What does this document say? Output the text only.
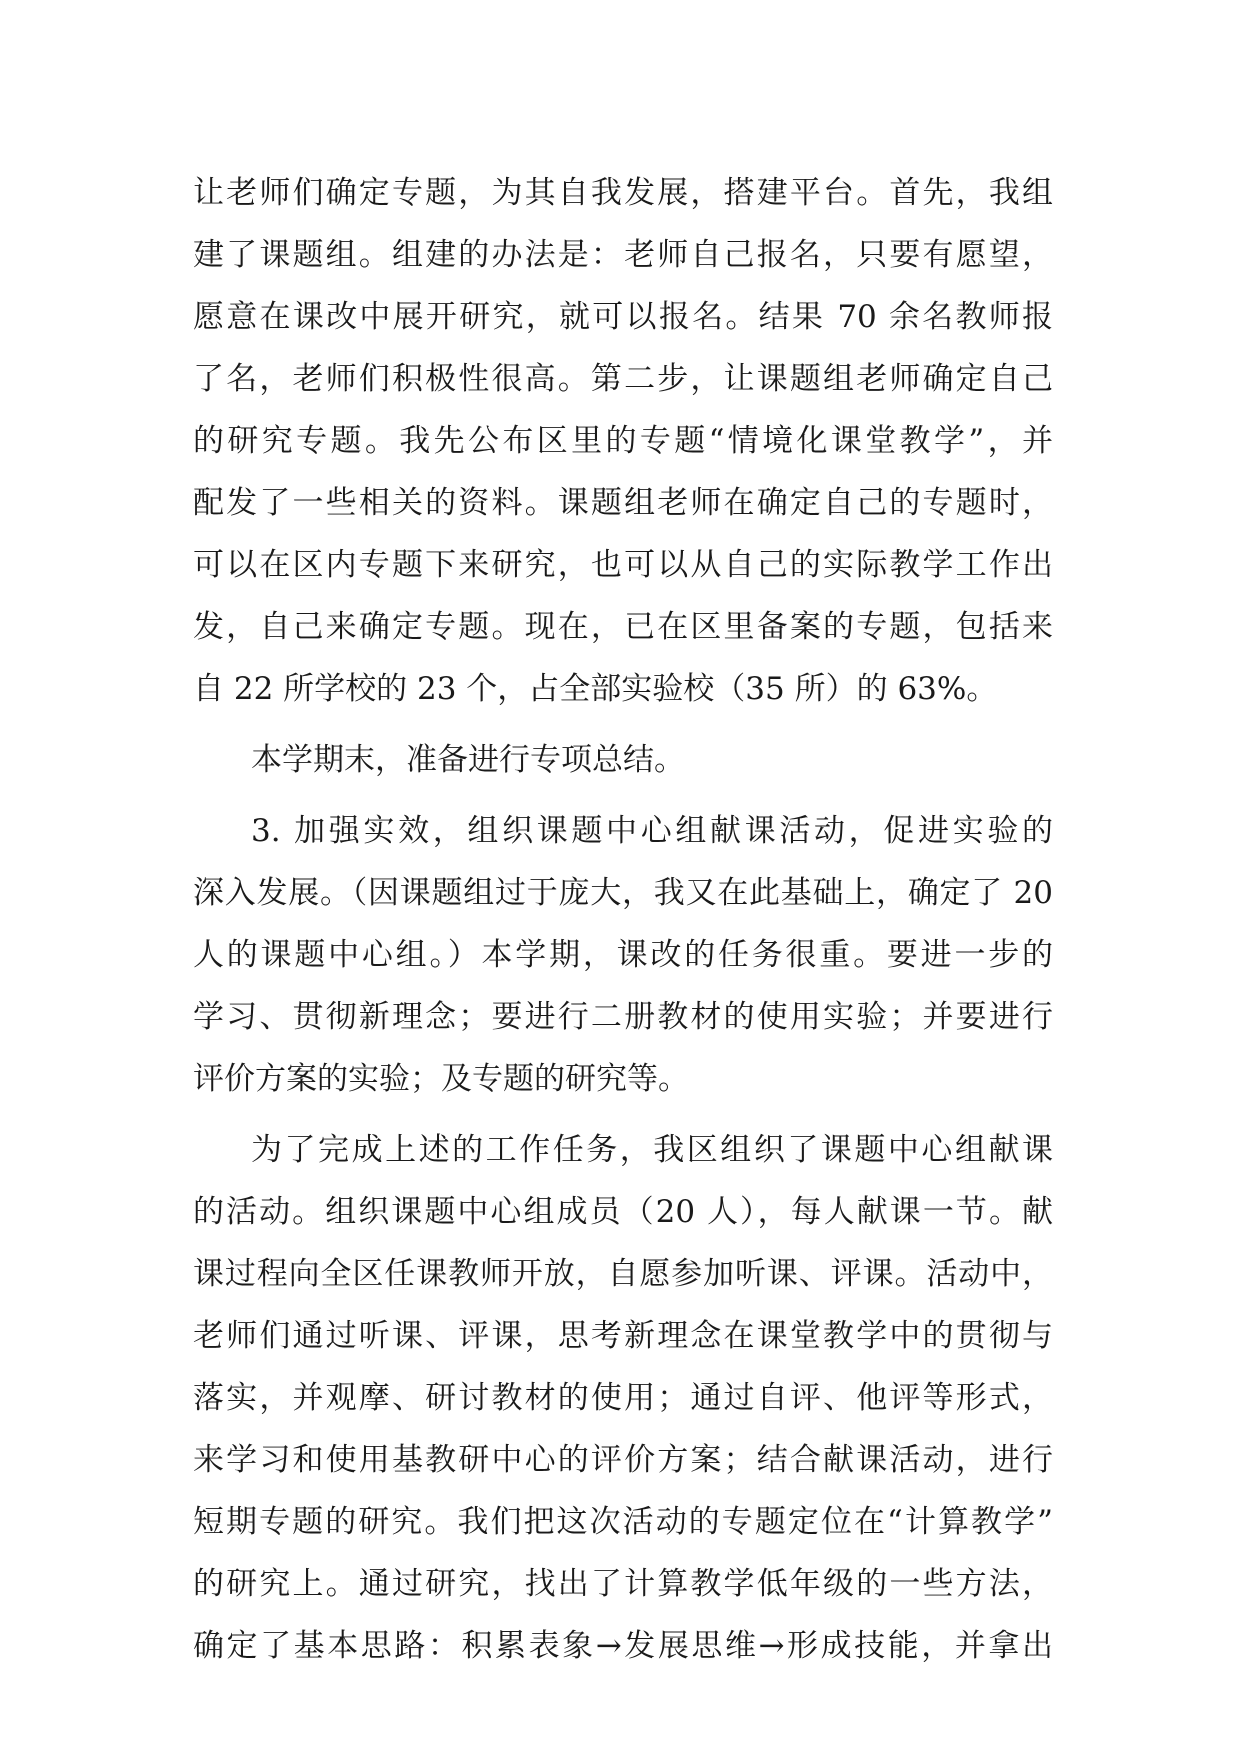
让老师们确定专题，为其自我发展，搭建平台。首先，我组
建了课题组。组建的办法是：老师自己报名，只要有愿望，
愿意在课改中展开研究，就可以报名。结果 70 余名教师报
了名，老师们积极性很高。第二步，让课题组老师确定自己
的研究专题。我先公布区里的专题“情境化课堂教学”，并
配发了一些相关的资料。课题组老师在确定自己的专题时，
可以在区内专题下来研究，也可以从自己的实际教学工作出
发，自己来确定专题。现在，已在区里备案的专题，包括来
自 22 所学校的 23 个，占全部实验校（35 所）的 63%。
本学期末，准备进行专项总结。
3. 加强实效，组织课题中心组献课活动，促进实验的
深入发展。（因课题组过于庞大，我又在此基础上，确定了 20
人的课题中心组。）本学期，课改的任务很重。要进一步的
学习、贯彻新理念；要进行二册教材的使用实验；并要进行
评价方案的实验；及专题的研究等。
为了完成上述的工作任务，我区组织了课题中心组献课
的活动。组织课题中心组成员（20 人），每人献课一节。献
课过程向全区任课教师开放，自愿参加听课、评课。活动中，
老师们通过听课、评课，思考新理念在课堂教学中的贯彻与
落实，并观摩、研讨教材的使用；通过自评、他评等形式，
来学习和使用基教研中心的评价方案；结合献课活动，进行
短期专题的研究。我们把这次活动的专题定位在“计算教学”
的研究上。通过研究，找出了计算教学低年级的一些方法，
确定了基本思路：积累表象→发展思维→形成技能，并拿出
